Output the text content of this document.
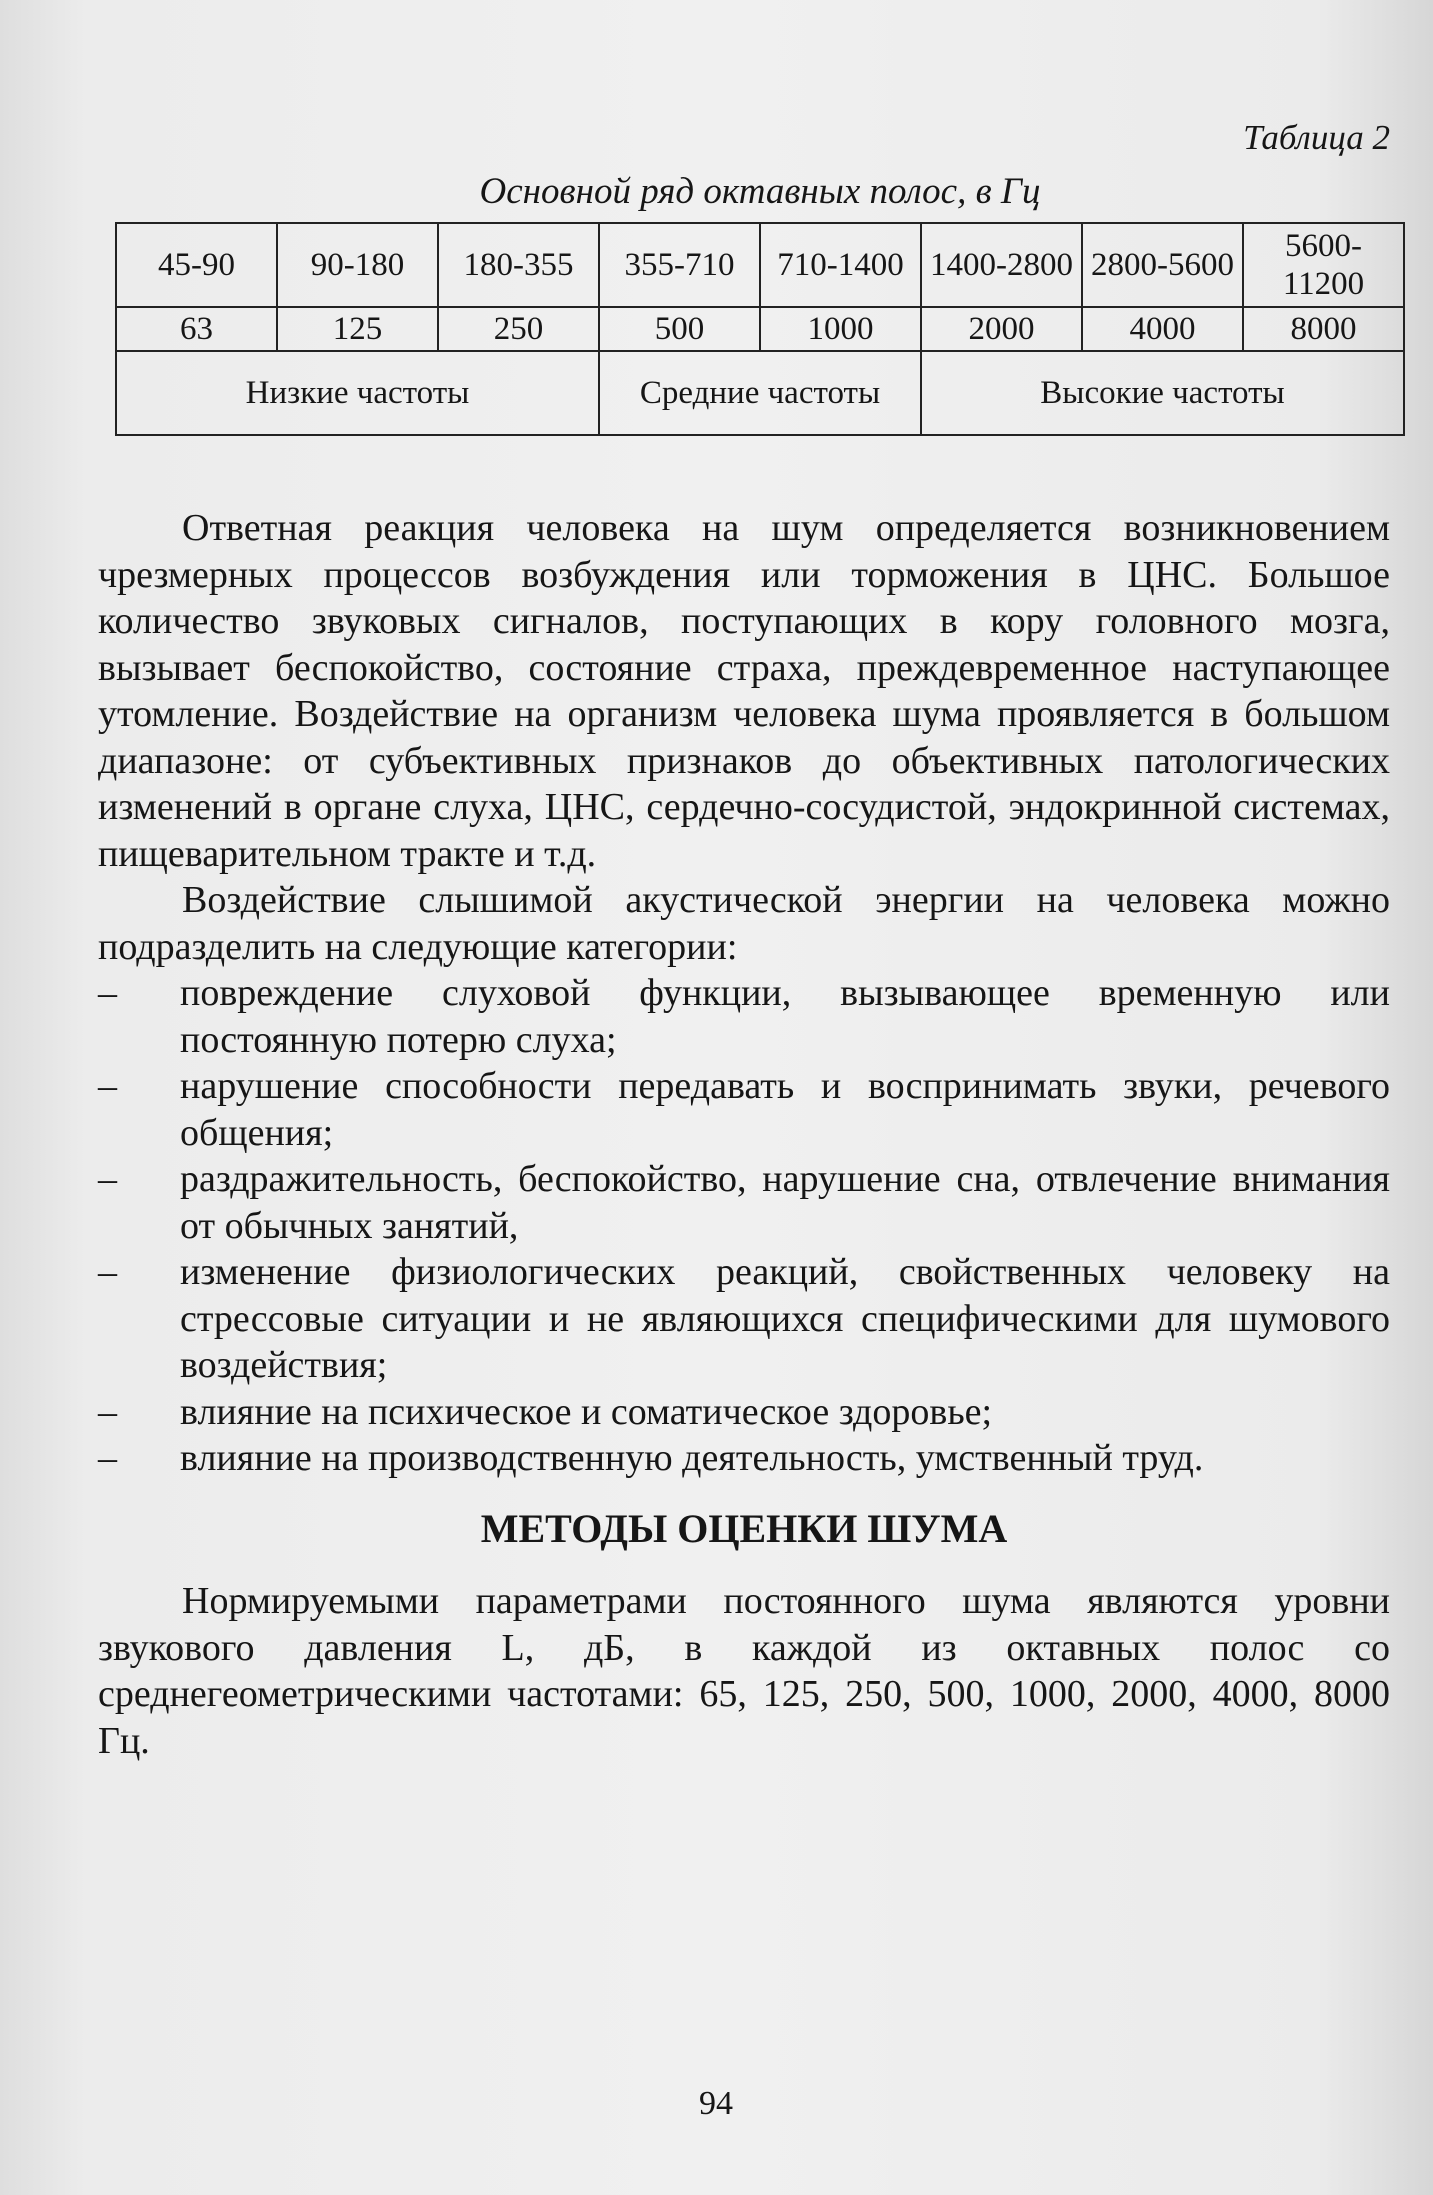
Таблица 2
Основной ряд октавных полос, в Гц
45-90	90-180	180-355	355-710	710-1400	1400-2800	2800-5600	5600-11200
63	125	250	500	1000	2000	4000	8000
Низкие частоты			Средние частоты		Высокие частоты		

Ответная реакция человека на шум определяется возникновением чрезмерных процессов возбуждения или торможения в ЦНС. Большое количество звуковых сигналов, поступающих в кору головного мозга, вызывает беспокойство, состояние страха, преждевременное наступающее утомление. Воздействие на организм человека шума проявляется в большом диапазоне: от субъективных признаков до объективных патологических изменений в органе слуха, ЦНС, сердечно-сосудистой, эндокринной системах, пищеварительном тракте и т.д.

Воздействие слышимой акустической энергии на человека можно подразделить на следующие категории:

– повреждение слуховой функции, вызывающее временную или постоянную потерю слуха;
– нарушение способности передавать и воспринимать звуки, речевого общения;
– раздражительность, беспокойство, нарушение сна, отвлечение внимания от обычных занятий,
– изменение физиологических реакций, свойственных человеку на стрессовые ситуации и не являющихся специфическими для шумового воздействия;
– влияние на психическое и соматическое здоровье;
– влияние на производственную деятельность, умственный труд.
МЕТОДЫ ОЦЕНКИ ШУМА

Нормируемыми параметрами постоянного шума являются уровни звукового давления L, дБ, в каждой из октавных полос со среднегеометрическими частотами: 65, 125, 250, 500, 1000, 2000, 4000, 8000 Гц.

94
